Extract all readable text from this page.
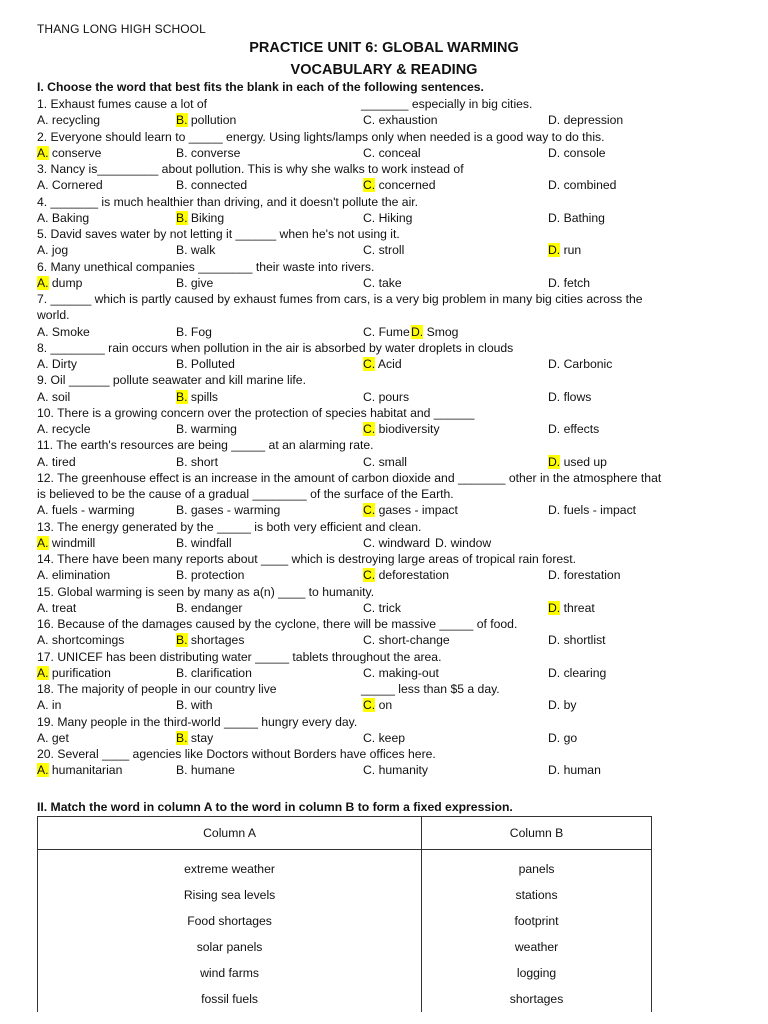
THANG LONG HIGH SCHOOL
PRACTICE UNIT 6: GLOBAL WARMING
VOCABULARY & READING
I. Choose the word that best fits the blank in each of the following sentences.
1. Exhaust fumes cause a lot of	_______ especially in big cities.
A. recycling	B. pollution	C. exhaustion	D. depression
2. Everyone should learn to _____ energy. Using lights/lamps only when needed is a good way to do this.
A. conserve	B. converse	C. conceal	D. console
3. Nancy is_________ about pollution. This is why she walks to work instead of
A. Cornered	B. connected	C. concerned	D. combined
4. _______ is much healthier than driving, and it doesn't pollute the air.
A. Baking	B. Biking	C. Hiking	D. Bathing
5. David saves water by not letting it ______ when he's not using it.
A. jog	B. walk	C. stroll	D. run
6. Many unethical companies ________ their waste into rivers.
A. dump	B. give	C. take	D. fetch
7. ______ which is partly caused by exhaust fumes from cars, is a very big problem in many big cities across the
world.
A. Smoke	B. Fog	C. Fume D. Smog
8. ________ rain occurs when pollution in the air is absorbed by water droplets in clouds
A. Dirty	B. Polluted	C. Acid	D. Carbonic
9. Oil ______ pollute seawater and kill marine life.
A. soil	B. spills	C. pours	D. flows
10. There is a growing concern over the protection of species habitat and ______
A. recycle	B. warming	C. biodiversity	D. effects
11. The earth's resources are being _____ at an alarming rate.
A. tired	B. short	C. small	D. used up
12. The greenhouse effect is an increase in the amount of carbon dioxide and _______ other in the atmosphere that
is believed to be the cause of a gradual ________ of the surface of the Earth.
A. fuels - warming	B. gases - warming	C. gases - impact	D. fuels - impact
13. The energy generated by the _____ is both very efficient and clean.
A. windmill	B. windfall	C. windward D. window
14. There have been many reports about ____ which is destroying large areas of tropical rain forest.
A. elimination	B. protection	C. deforestation	D. forestation
15. Global warming is seen by many as a(n) ____ to humanity.
A. treat	B. endanger	C. trick	D. threat
16. Because of the damages caused by the cyclone, there will be massive _____ of food.
A. shortcomings	B. shortages	C. short-change	D. shortlist
17. UNICEF has been distributing water _____ tablets throughout the area.
A. purification	B. clarification	C. making-out	D. clearing
18. The majority of people in our country live	_____ less than $5 a day.
A. in	B. with	C. on	D. by
19. Many people in the third-world _____ hungry every day.
A. get	B. stay	C. keep	D. go
20. Several ____ agencies like Doctors without Borders have offices here.
A. humanitarian	B. humane	C. humanity	D. human
II. Match the word in column A to the word in column B to form a fixed expression.
Column A	Column B

extreme weather	panels
Rising sea levels	stations
Food shortages	footprint
solar panels	weather
wind farms	logging
fossil fuels	shortages
